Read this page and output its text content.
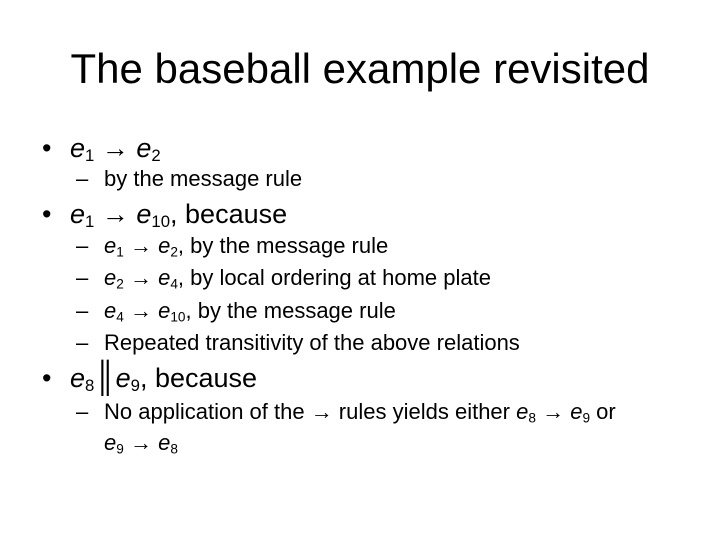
The baseball example revisited
• $e_1 \to e_2$
– by the message rule
• $e_1 \to e_{10}$, because
– $e_1 \to e_2$, by the message rule
– $e_2 \to e_4$, by local ordering at home plate
– $e_4 \to e_{10}$, by the message rule
– Repeated transitivity of the above relations
• $e_8║e_9$, because
– No application of the → rules yields either $e_8 \to e_9$ or
$e_9 \to e_8$
